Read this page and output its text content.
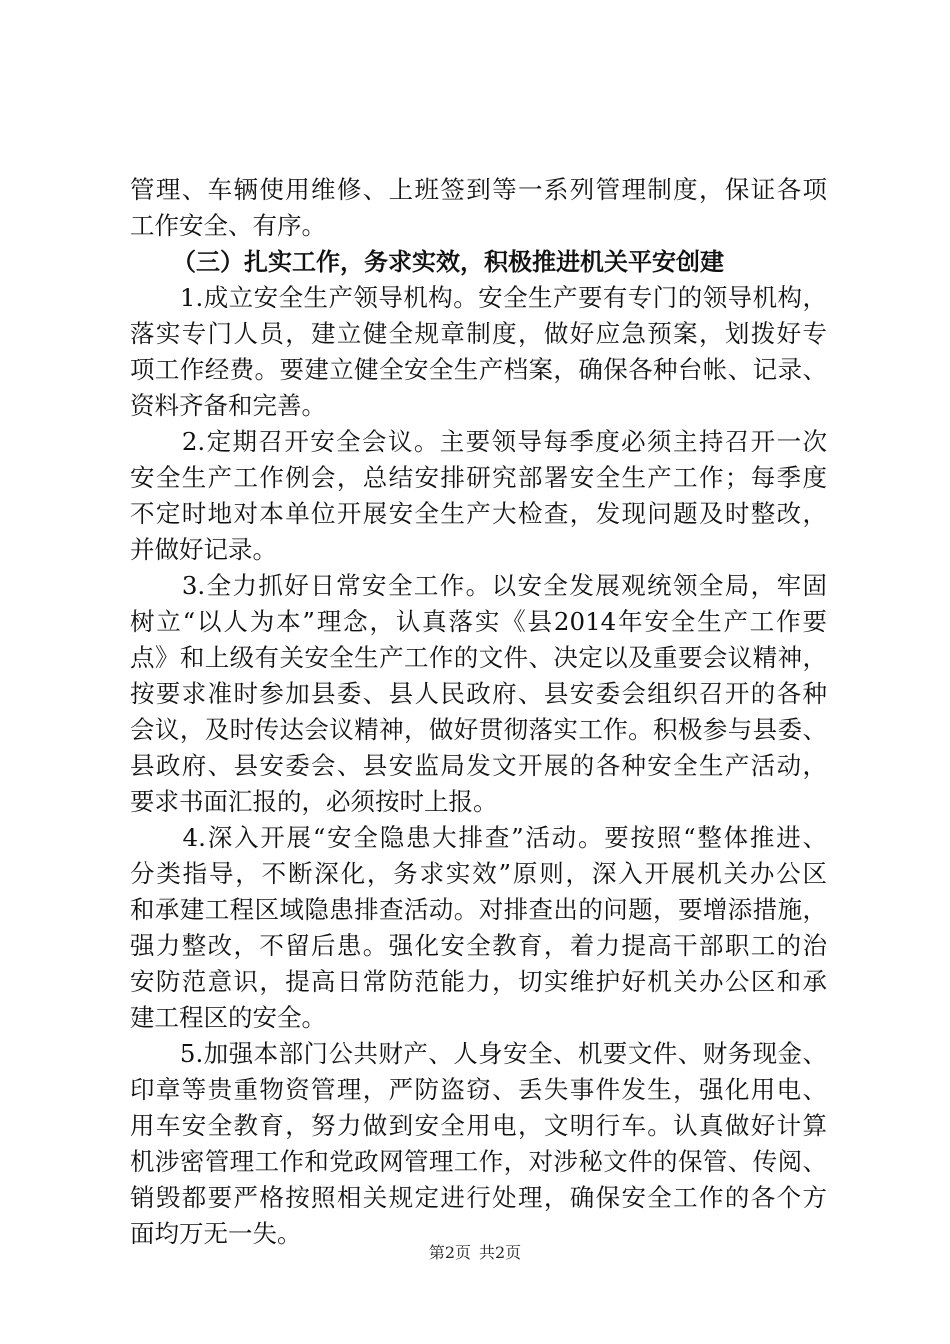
管理、车辆使用维修、上班签到等一系列管理制度，保证各项
工作安全、有序。
（三）扎实工作，务求实效，积极推进机关平安创建
　　1.成立安全生产领导机构。安全生产要有专门的领导机构，
落实专门人员，建立健全规章制度，做好应急预案，划拨好专
项工作经费。要建立健全安全生产档案，确保各种台帐、记录、
资料齐备和完善。
　　2.定期召开安全会议。主要领导每季度必须主持召开一次
安全生产工作例会，总结安排研究部署安全生产工作；每季度
不定时地对本单位开展安全生产大检查，发现问题及时整改，
并做好记录。
　　3.全力抓好日常安全工作。以安全发展观统领全局，牢固
树立“以人为本”理念，认真落实《县2014年安全生产工作要
点》和上级有关安全生产工作的文件、决定以及重要会议精神，
按要求准时参加县委、县人民政府、县安委会组织召开的各种
会议，及时传达会议精神，做好贯彻落实工作。积极参与县委、
县政府、县安委会、县安监局发文开展的各种安全生产活动，
要求书面汇报的，必须按时上报。
　　4.深入开展“安全隐患大排查”活动。要按照“整体推进、
分类指导，不断深化，务求实效”原则，深入开展机关办公区
和承建工程区域隐患排查活动。对排查出的问题，要增添措施，
强力整改，不留后患。强化安全教育，着力提高干部职工的治
安防范意识，提高日常防范能力，切实维护好机关办公区和承
建工程区的安全。
　　5.加强本部门公共财产、人身安全、机要文件、财务现金、
印章等贵重物资管理，严防盗窃、丢失事件发生，强化用电、
用车安全教育，努力做到安全用电，文明行车。认真做好计算
机涉密管理工作和党政网管理工作，对涉秘文件的保管、传阅、
销毁都要严格按照相关规定进行处理，确保安全工作的各个方
面均万无一失。
第2页 共2页
